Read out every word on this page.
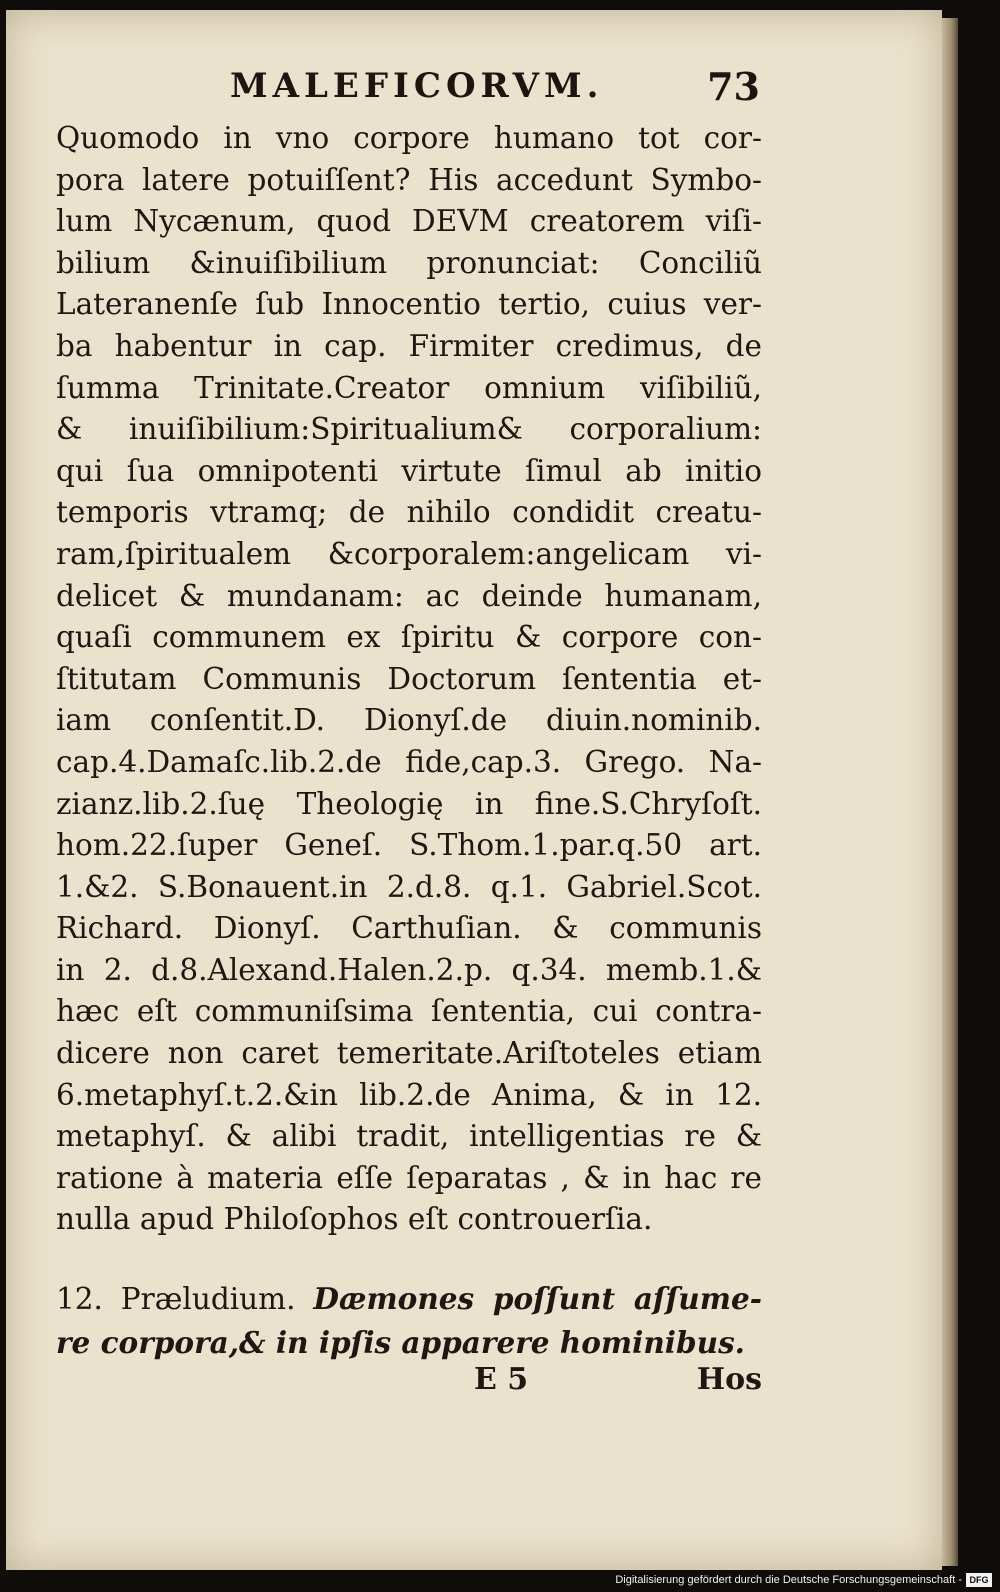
MALEFICORVM.	73
Quomodo in vno corpore humano tot cor-
pora latere potuiſſent? His accedunt Symbo-
lum Nycænum, quod DEVM creatorem viſi-
bilium &inuiſibilium pronunciat: Conciliũ
Lateranenſe ſub Innocentio tertio, cuius ver-
ba habentur in cap. Firmiter credimus, de
ſumma Trinitate.Creator omnium viſibiliũ,
& inuiſibilium:Spiritualium& corporalium:
qui ſua omnipotenti virtute ſimul ab initio
temporis vtramq; de nihilo condidit creatu-
ram,ſpiritualem &corporalem:angelicam vi-
delicet & mundanam: ac deinde humanam,
quaſi communem ex ſpiritu & corpore con-
ſtitutam Communis Doctorum ſententia et-
iam conſentit.D. Dionyſ.de diuin.nominib.
cap.4.Damaſc.lib.2.de fide,cap.3. Grego. Na-
zianz.lib.2.ſuę Theologię in fine.S.Chryſoſt.
hom.22.ſuper Geneſ. S.Thom.1.par.q.50 art.
1.&2. S.Bonauent.in 2.d.8. q.1. Gabriel.Scot.
Richard. Dionyſ. Carthuſian. & communis
in 2. d.8.Alexand.Halen.2.p. q.34. memb.1.&
hæc eſt communiſsima ſententia, cui contra-
dicere non caret temeritate.Ariſtoteles etiam
6.metaphyſ.t.2.&in lib.2.de Anima, & in 12.
metaphyſ. & alibi tradit, intelligentias re &
ratione à materia eſſe ſeparatas , & in hac re
nulla apud Philoſophos eſt controuerſia.
12. Præludium. Dæmones poſſunt aſſume-
re corpora,& in ipſis apparere hominibus.
E 5	Hos
Digitalisierung gefördert durch die Deutsche Forschungsgemeinschaft - DFG
